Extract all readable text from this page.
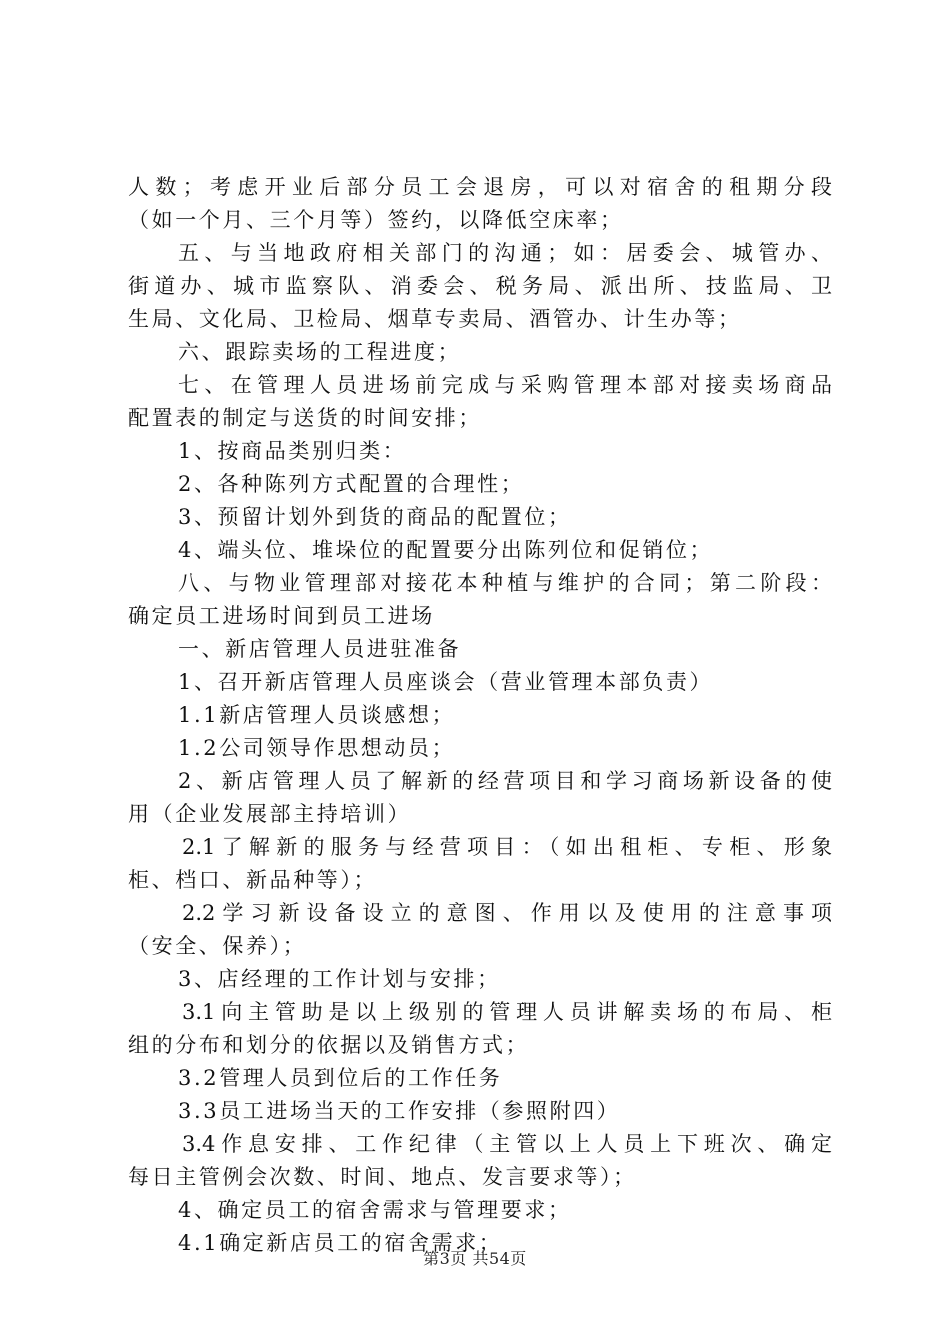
人数；考虑开业后部分员工会退房，可以对宿舍的租期分段
（如一个月、三个月等）签约，以降低空床率；
五、与当地政府相关部门的沟通；如：居委会、城管办、
街道办、城市监察队、消委会、税务局、派出所、技监局、卫
生局、文化局、卫检局、烟草专卖局、酒管办、计生办等；
六、跟踪卖场的工程进度；
七、在管理人员进场前完成与采购管理本部对接卖场商品
配置表的制定与送货的时间安排；
1、按商品类别归类：
2、各种陈列方式配置的合理性；
3、预留计划外到货的商品的配置位；
4、端头位、堆垛位的配置要分出陈列位和促销位；
八、与物业管理部对接花本种植与维护的合同；第二阶段：
确定员工进场时间到员工进场
一、新店管理人员进驻准备
1、召开新店管理人员座谈会（营业管理本部负责）
1.1新店管理人员谈感想；
1.2公司领导作思想动员；
2、新店管理人员了解新的经营项目和学习商场新设备的使
用（企业发展部主持培训）
2.1了解新的服务与经营项目：（如出租柜、专柜、形象
柜、档口、新品种等）；
2.2学习新设备设立的意图、作用以及使用的注意事项
（安全、保养）；
3、店经理的工作计划与安排；
3.1向主管助是以上级别的管理人员讲解卖场的布局、柜
组的分布和划分的依据以及销售方式；
3.2管理人员到位后的工作任务
3.3员工进场当天的工作安排（参照附四）
3.4作息安排、工作纪律（主管以上人员上下班次、确定
每日主管例会次数、时间、地点、发言要求等）；
4、确定员工的宿舍需求与管理要求；
4.1确定新店员工的宿舍需求；
第3页 共54页
